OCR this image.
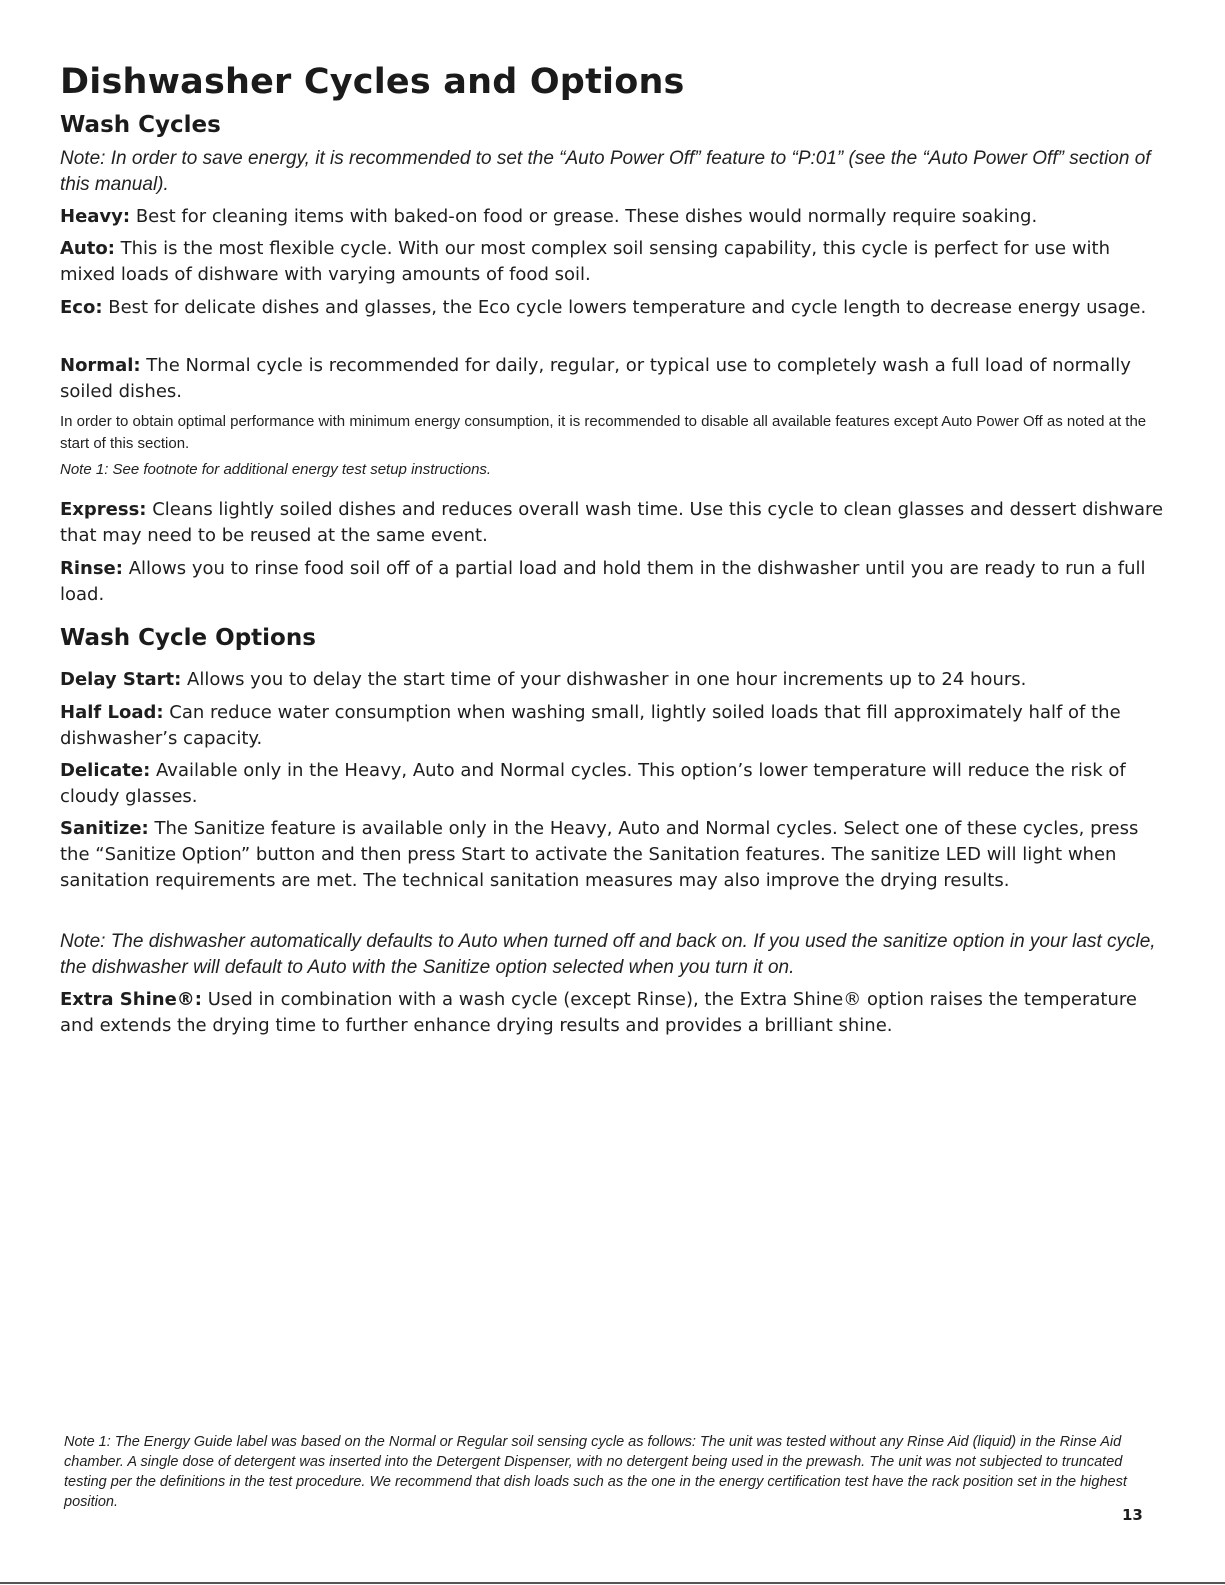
Dishwasher Cycles and Options
Wash Cycles

Note: In order to save energy, it is recommended to set the “Auto Power Off” feature to “P:01” (see the “Auto Power Off” section of this manual).

Heavy: Best for cleaning items with baked-on food or grease. These dishes would normally require soaking.

Auto: This is the most flexible cycle. With our most complex soil sensing capability, this cycle is perfect for use with mixed loads of dishware with varying amounts of food soil.

Eco: Best for delicate dishes and glasses, the Eco cycle lowers temperature and cycle length to decrease energy usage.

Normal: The Normal cycle is recommended for daily, regular, or typical use to completely wash a full load of normally soiled dishes.

In order to obtain optimal performance with minimum energy consumption, it is recommended to disable all available features except Auto Power Off as noted at the start of this section.

Note 1: See footnote for additional energy test setup instructions.

Express: Cleans lightly soiled dishes and reduces overall wash time. Use this cycle to clean glasses and dessert dishware that may need to be reused at the same event.

Rinse: Allows you to rinse food soil off of a partial load and hold them in the dishwasher until you are ready to run a full load.

Wash Cycle Options

Delay Start: Allows you to delay the start time of your dishwasher in one hour increments up to 24 hours.

Half Load: Can reduce water consumption when washing small, lightly soiled loads that fill approximately half of the dishwasher’s capacity.

Delicate: Available only in the Heavy, Auto and Normal cycles. This option’s lower temperature will reduce the risk of cloudy glasses.

Sanitize: The Sanitize feature is available only in the Heavy, Auto and Normal cycles. Select one of these cycles, press the “Sanitize Option” button and then press Start to activate the Sanitation features. The sanitize LED will light when sanitation requirements are met. The technical sanitation measures may also improve the drying results.

Note: The dishwasher automatically defaults to Auto when turned off and back on. If you used the sanitize option in your last cycle, the dishwasher will default to Auto with the Sanitize option selected when you turn it on.

Extra Shine®: Used in combination with a wash cycle (except Rinse), the Extra Shine® option raises the temperature and extends the drying time to further enhance drying results and provides a brilliant shine.

Note 1: The Energy Guide label was based on the Normal or Regular soil sensing cycle as follows: The unit was tested without any Rinse Aid (liquid) in the Rinse Aid chamber. A single dose of detergent was inserted into the Detergent Dispenser, with no detergent being used in the prewash. The unit was not subjected to truncated testing per the definitions in the test procedure. We recommend that dish loads such as the one in the energy certification test have the rack position set in the highest position.

13
